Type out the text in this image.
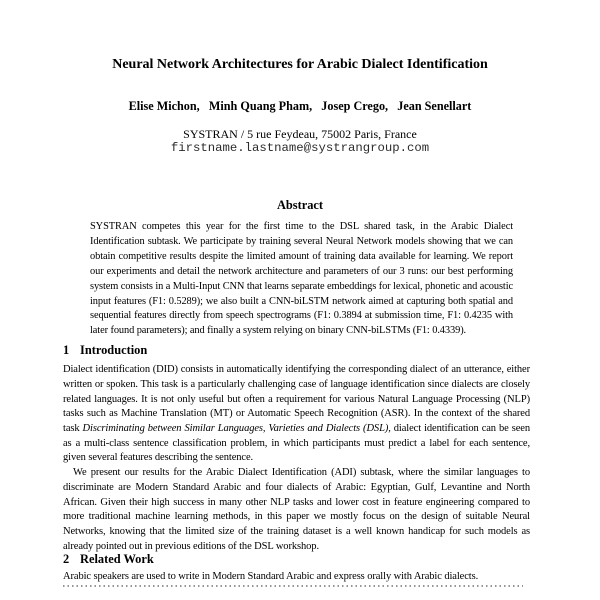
Neural Network Architectures for Arabic Dialect Identification
Elise Michon,   Minh Quang Pham,   Josep Crego,   Jean Senellart
SYSTRAN / 5 rue Feydeau, 75002 Paris, France
firstname.lastname@systrangroup.com
Abstract
SYSTRAN competes this year for the first time to the DSL shared task, in the Arabic Dialect Identification subtask. We participate by training several Neural Network models showing that we can obtain competitive results despite the limited amount of training data available for learning. We report our experiments and detail the network architecture and parameters of our 3 runs: our best performing system consists in a Multi-Input CNN that learns separate embeddings for lexical, phonetic and acoustic input features (F1: 0.5289); we also built a CNN-biLSTM network aimed at capturing both spatial and sequential features directly from speech spectrograms (F1: 0.3894 at submission time, F1: 0.4235 with later found parameters); and finally a system relying on binary CNN-biLSTMs (F1: 0.4339).
1 Introduction

Dialect identification (DID) consists in automatically identifying the corresponding dialect of an utterance, either written or spoken. This task is a particularly challenging case of language identification since dialects are closely related languages. It is not only useful but often a requirement for various Natural Language Processing (NLP) tasks such as Machine Translation (MT) or Automatic Speech Recognition (ASR). In the context of the shared task Discriminating between Similar Languages, Varieties and Dialects (DSL), dialect identification can be seen as a multi-class sentence classification problem, in which participants must predict a label for each sentence, given several features describing the sentence.

We present our results for the Arabic Dialect Identification (ADI) subtask, where the similar languages to discriminate are Modern Standard Arabic and four dialects of Arabic: Egyptian, Gulf, Levantine and North African. Given their high success in many other NLP tasks and lower cost in feature engineering compared to more traditional machine learning methods, in this paper we mostly focus on the design of suitable Neural Networks, knowing that the limited size of the training dataset is a well known handicap for such models as already pointed out in previous editions of the DSL workshop.

2 Related Work

Arabic speakers are used to write in Modern Standard Arabic and express orally with Arabic dialects.
